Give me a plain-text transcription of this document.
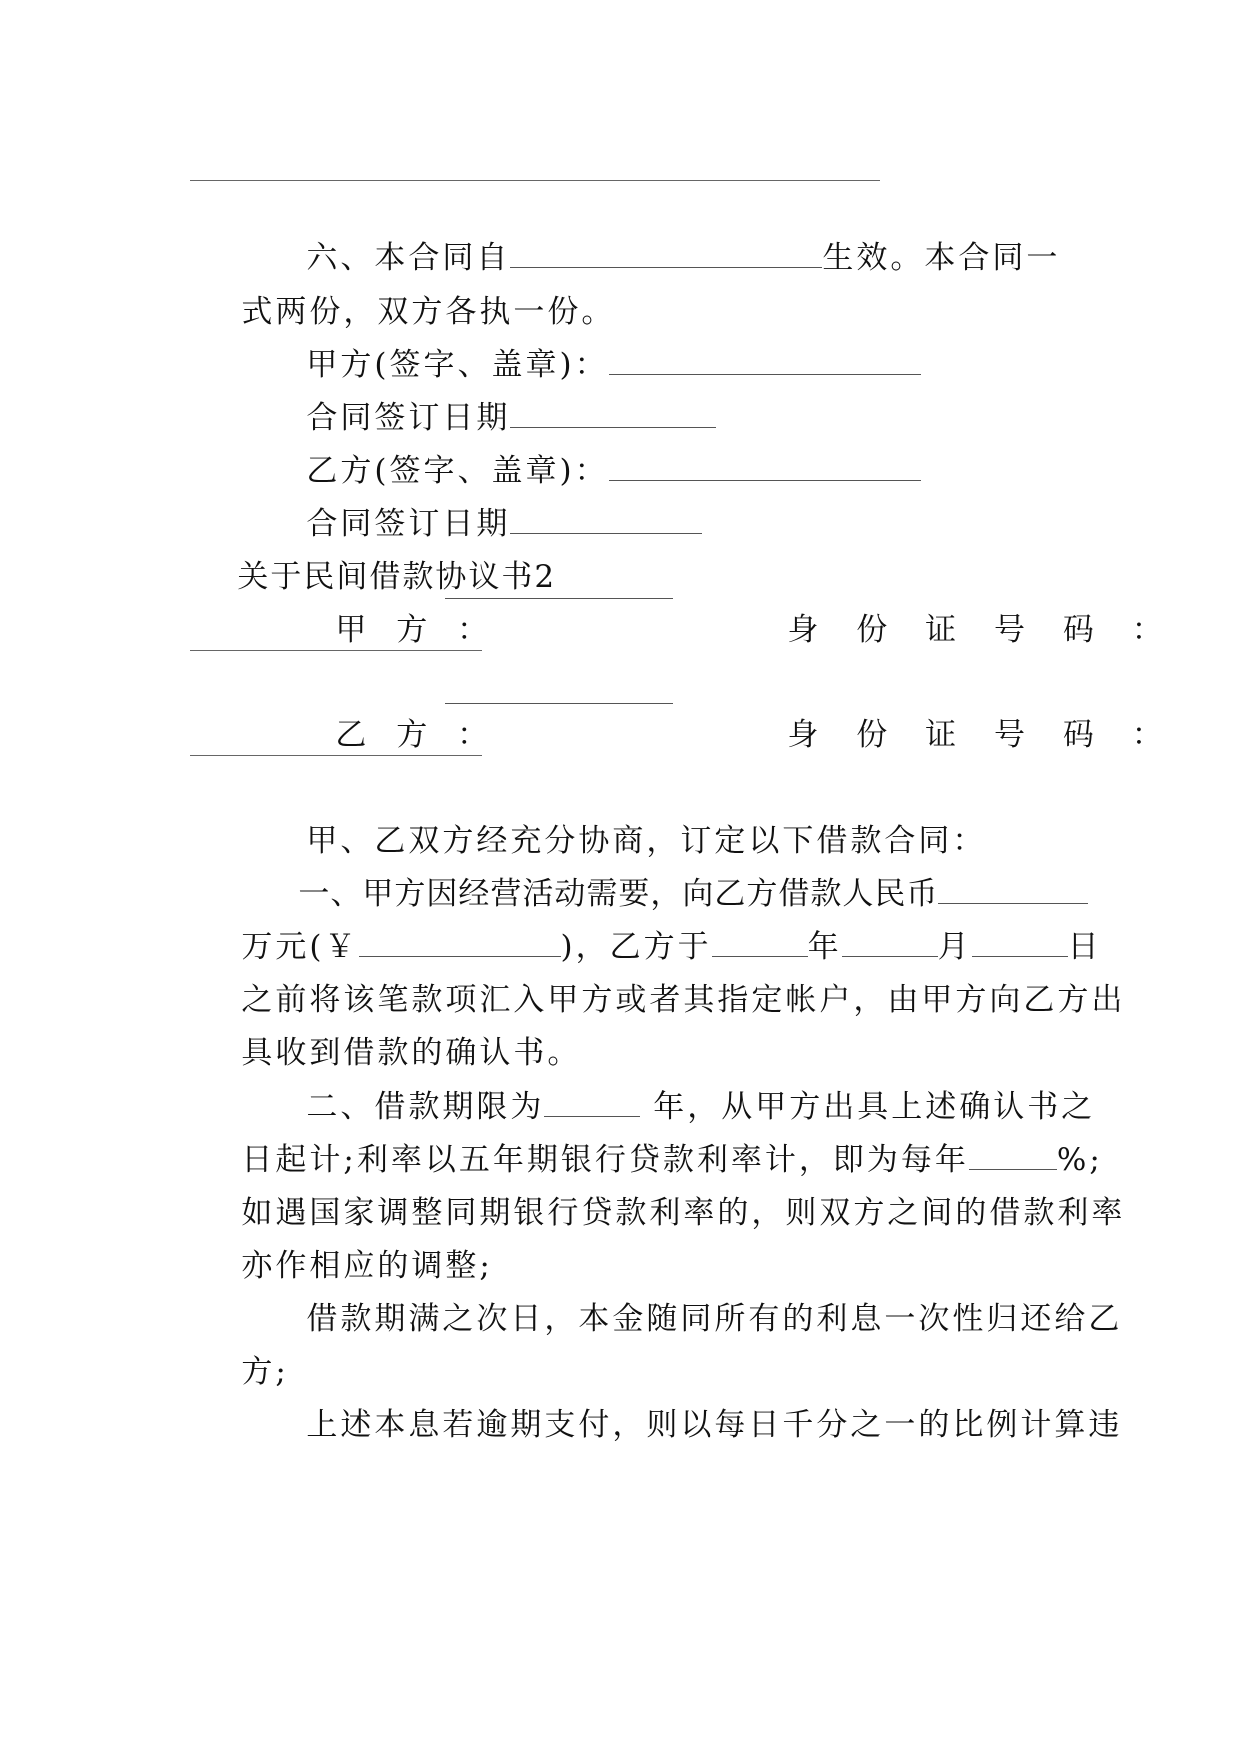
六、本合同自	生效。本合同一

式两份，双方各执一份。

甲方(签字、盖章)：

合同签订日期

乙方(签字、盖章)：

合同签订日期

关于民间借款协议书2

甲 方 ：
	身 份 证 号 码 ：

乙 方 ：
	身 份 证 号 码 ：

甲、乙双方经充分协商，订定以下借款合同：

一、甲方因经营活动需要，向乙方借款人民币

万元(￥	)，乙方于	年	月	日

之前将该笔款项汇入甲方或者其指定帐户，由甲方向乙方出

具收到借款的确认书。

二、借款期限为	年，从甲方出具上述确认书之

日起计;利率以五年期银行贷款利率计，即为每年	%;

如遇国家调整同期银行贷款利率的，则双方之间的借款利率

亦作相应的调整;

借款期满之次日，本金随同所有的利息一次性归还给乙

方;

上述本息若逾期支付，则以每日千分之一的比例计算违
